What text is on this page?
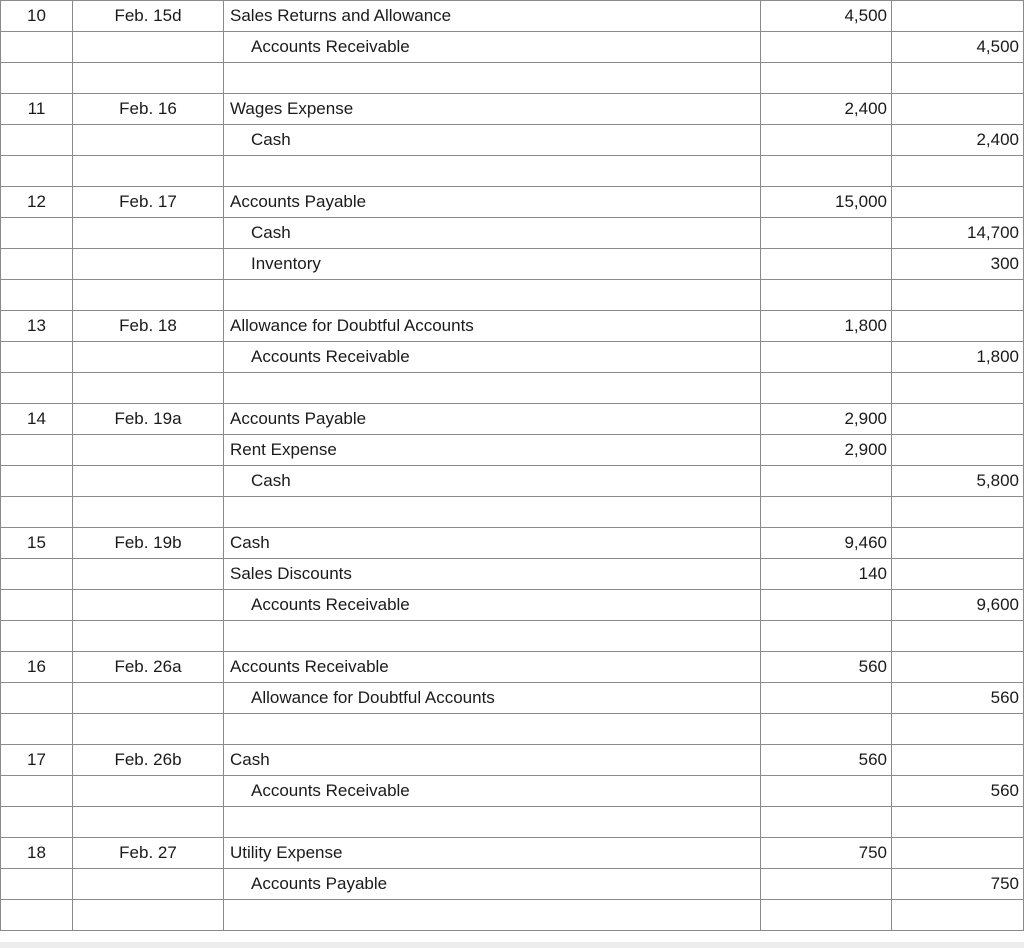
10	Feb. 15d	Sales Returns and Allowance	4,500	
		Accounts Receivable		4,500

11	Feb. 16	Wages Expense	2,400	
		Cash		2,400

12	Feb. 17	Accounts Payable	15,000	
		Cash		14,700
		Inventory		300

13	Feb. 18	Allowance for Doubtful Accounts	1,800	
		Accounts Receivable		1,800

14	Feb. 19a	Accounts Payable	2,900	
		Rent Expense	2,900	
		Cash		5,800

15	Feb. 19b	Cash	9,460	
		Sales Discounts	140	
		Accounts Receivable		9,600

16	Feb. 26a	Accounts Receivable	560	
		Allowance for Doubtful Accounts		560

17	Feb. 26b	Cash	560	
		Accounts Receivable		560

18	Feb. 27	Utility Expense	750	
		Accounts Payable		750
